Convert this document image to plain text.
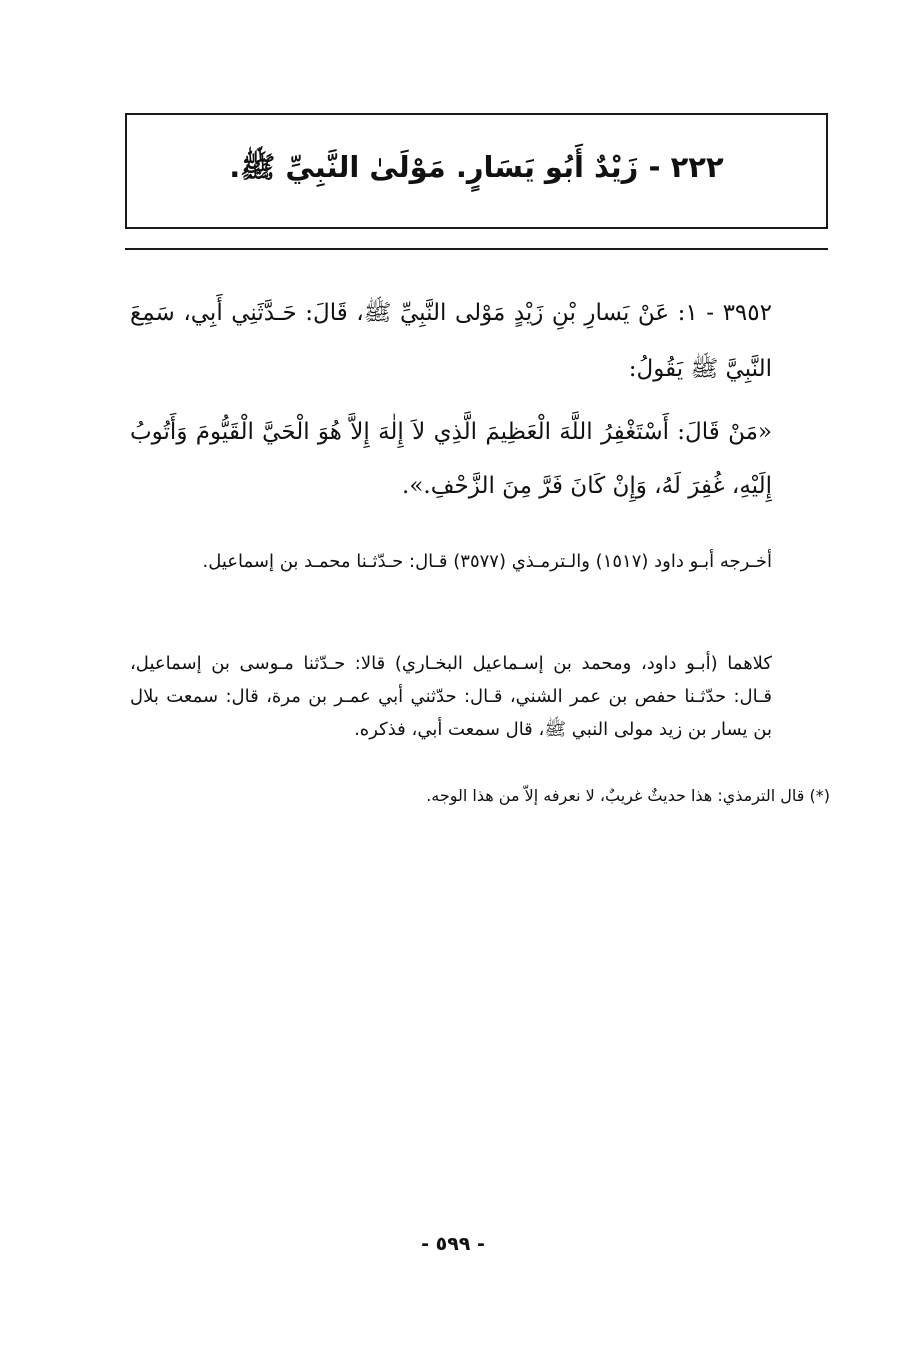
٢٢٢ - زَيْدٌ أَبُو يَسَارٍ. مَوْلَىٰ النَّبِيِّ ﷺ.

٣٩٥٢ - ١: عَنْ يَسارِ بْنِ زَيْدٍ مَوْلى النَّبِيِّ ﷺ، قَالَ: حَـدَّثَنِي أَبِي، سَمِعَ النَّبِيَّ ﷺ يَقُولُ:

«مَنْ قَالَ: أَسْتَغْفِرُ اللَّهَ الْعَظِيمَ الَّذِي لاَ إِلٰهَ إِلاَّ هُوَ الْحَيَّ الْقَيُّومَ وَأَتُوبُ إِلَيْهِ، غُفِرَ لَهُ، وَإِنْ كَانَ فَرَّ مِنَ الزَّحْفِ.».

أخـرجه أبـو داود (١٥١٧) والـترمـذي (٣٥٧٧) قـال: حـدّثـنا محمـد بن إسماعيل.

كلاهما (أبـو داود، ومحمد بن إسـماعيل البخـاري) قالا: حـدّثنا مـوسى بن إسماعيل، قـال: حدّثـنا حفص بن عمر الشني، قـال: حدّثني أبي عمـر بن مرة، قال: سمعت بلال بن يسار بن زيد مولى النبي ﷺ، قال سمعت أبي، فذكره.

(*) قال الترمذي: هذا حديثٌ غريبٌ، لا نعرفه إلاّ من هذا الوجه.

- ٥٩٩ -
